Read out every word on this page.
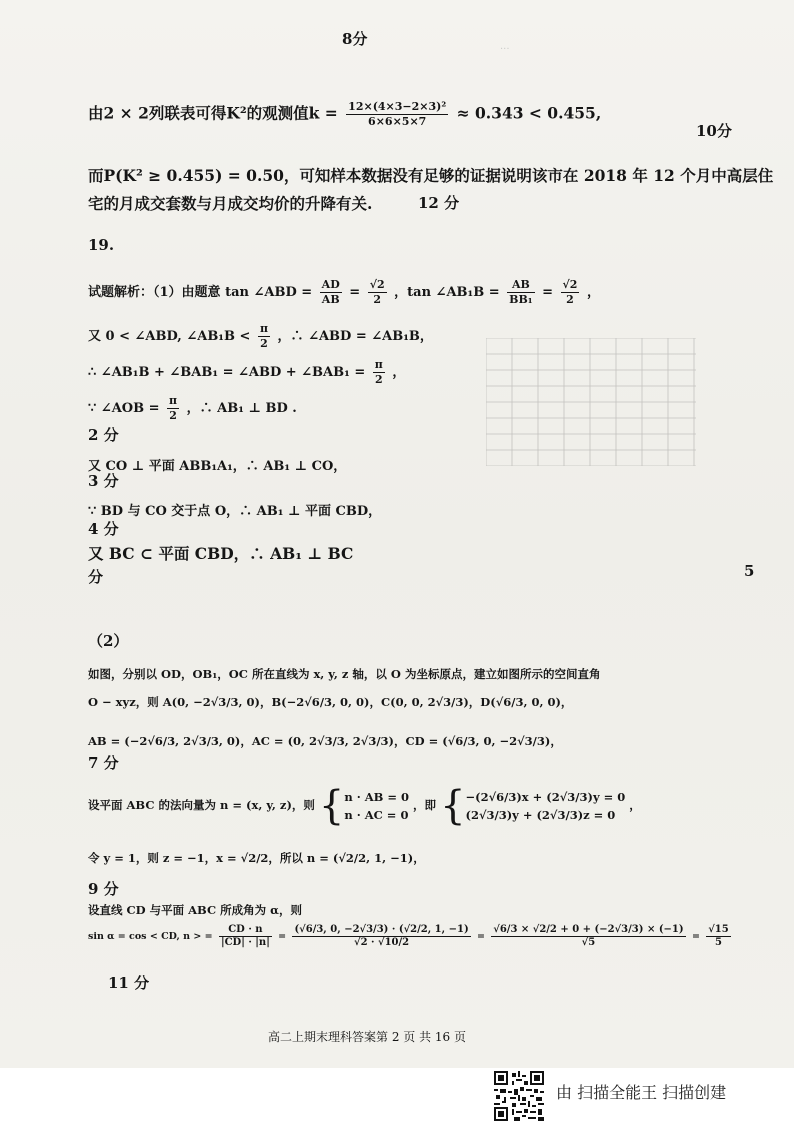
···
8分
由2 × 2列联表可得K²的观测值$k = \frac{\text{12×(4×3−2×3)²}}{6\times 6\times 5\times 7} \approx 0.343 < 0.455$,
10分
而P(K² ≥ 0.455) = 0.50，可知样本数据没有足够的证据说明该市在 2018 年 12 个月中高层住
宅的月成交套数与月成交均价的升降有关.	12 分
19.
试题解析：（1）由题意 tan ∠ABD = $\frac{AD}{AB} = \frac{√2}{2}$ ，tan ∠AB₁B = $\frac{AB}{\text{BB₁}} = \frac{√2}{2}$ ，
又 0 < ∠ABD, ∠AB₁B < $\frac{\pi}{2}$ ，∴ ∠ABD = ∠AB₁B，
∴ ∠AB₁B + ∠BAB₁ = ∠ABD + ∠BAB₁ = $\frac{\pi}{2}$ ，
∵ ∠AOB = $\frac{\pi}{2}$ ，∴ AB₁ ⊥ BD .
2 分
又 CO ⊥ 平面 ABB₁A₁，∴ AB₁ ⊥ CO，
3 分
∵ BD 与 CO 交于点 O，∴ AB₁ ⊥ 平面 CBD，
4 分
又 BC ⊂ 平面 CBD，∴ AB₁ ⊥ BC
分	5
（2）
如图，分别以 OD，OB₁，OC 所在直线为 x, y, z 轴，以 O 为坐标原点，建立如图所示的空间直角
O − xyz，则 A(0, −2√3/3, 0)，B(−2√6/3, 0, 0)，C(0, 0, 2√3/3)，D(√6/3, 0, 0)，
AB = (−2√6/3, 2√3/3, 0)，AC = (0, 2√3/3, 2√3/3)，CD = (√6/3, 0, −2√3/3)，
7 分
设平面 ABC 的法向量为 n = (x, y, z)，则 { n · AB = 0
n · AC = 0
，即 { −(2√6/3)x + (2√3/3)y = 0
(2√3/3)y + (2√3/3)z = 0
，
令 y = 1，则 z = −1，x = √2/2，所以 n = (√2/2, 1, −1)，
9 分
设直线 CD 与平面 ABC 所成角为 α，则
sin α = cos < CD, n > = $\frac{CD \cdot n}{|CD| \cdot |n|} = \frac{(√6/3, 0, -2√3/3) \cdot (√2/2, 1, -1)}{√2 \cdot √10/2} = \frac{√6/3 \times √2/2 + 0 + (-2√3/3) \times (-1)}{√5} = \frac{√15}{5}$
11 分
高二上期末理科答案第 2 页 共 16 页
由 扫描全能王 扫描创建
